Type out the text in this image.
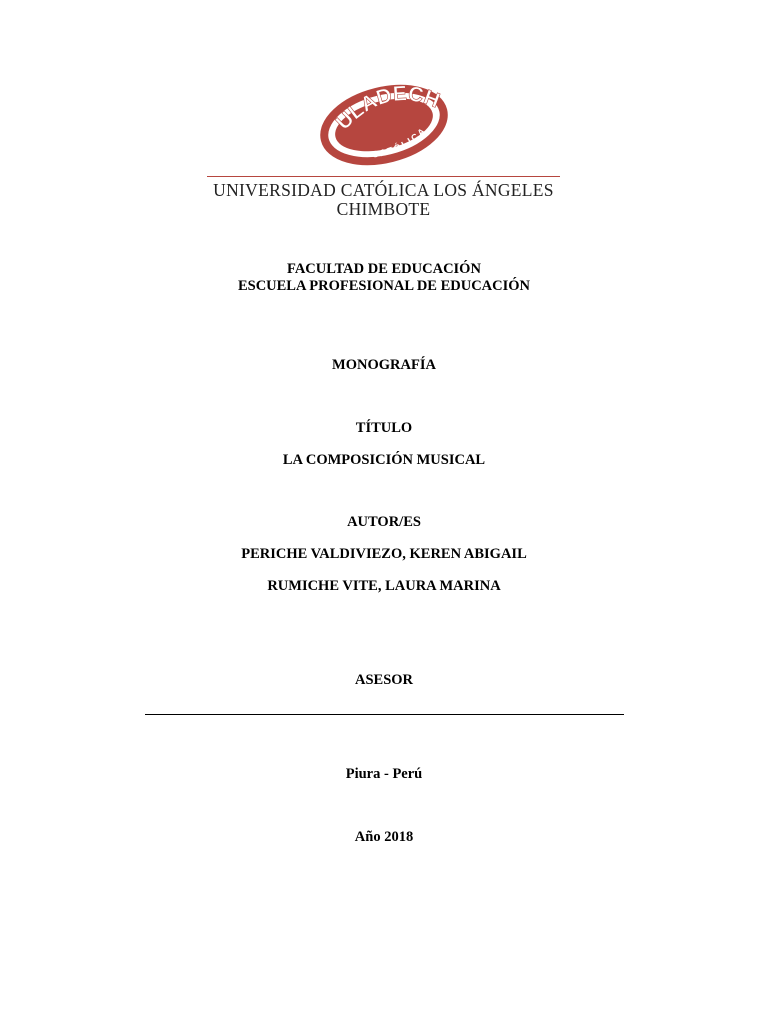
ULADECH
CATÓLICA
UNIVERSIDAD CATÓLICA LOS ÁNGELES
CHIMBOTE
FACULTAD DE EDUCACIÓN
ESCUELA PROFESIONAL DE EDUCACIÓN
MONOGRAFÍA
TÍTULO
LA COMPOSICIÓN MUSICAL
AUTOR/ES
PERICHE VALDIVIEZO, KEREN ABIGAIL
RUMICHE VITE, LAURA MARINA
ASESOR
Piura - Perú
Año 2018
